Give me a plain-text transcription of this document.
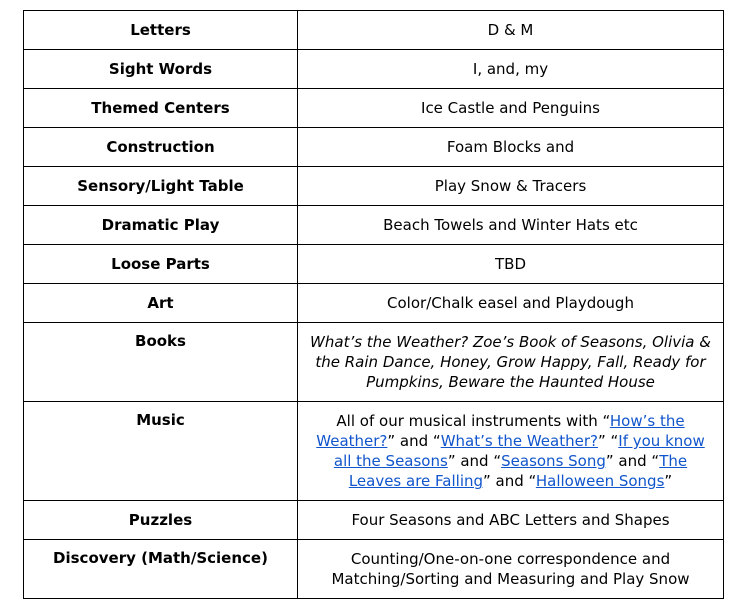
Letters	D & M
Sight Words	I, and, my
Themed Centers	Ice Castle and Penguins
Construction	Foam Blocks and
Sensory/Light Table	Play Snow & Tracers
Dramatic Play	Beach Towels and Winter Hats etc
Loose Parts	TBD
Art	Color/Chalk easel and Playdough
Books	What’s the Weather? Zoe’s Book of Seasons, Olivia & the Rain Dance, Honey, Grow Happy, Fall, Ready for Pumpkins, Beware the Haunted House
Music	All of our musical instruments with “How’s the Weather?” and “What’s the Weather?” “If you know all the Seasons” and “Seasons Song” and “The Leaves are Falling” and “Halloween Songs”
Puzzles	Four Seasons and ABC Letters and Shapes
Discovery (Math/Science)	Counting/One-on-one correspondence and Matching/Sorting and Measuring and Play Snow
